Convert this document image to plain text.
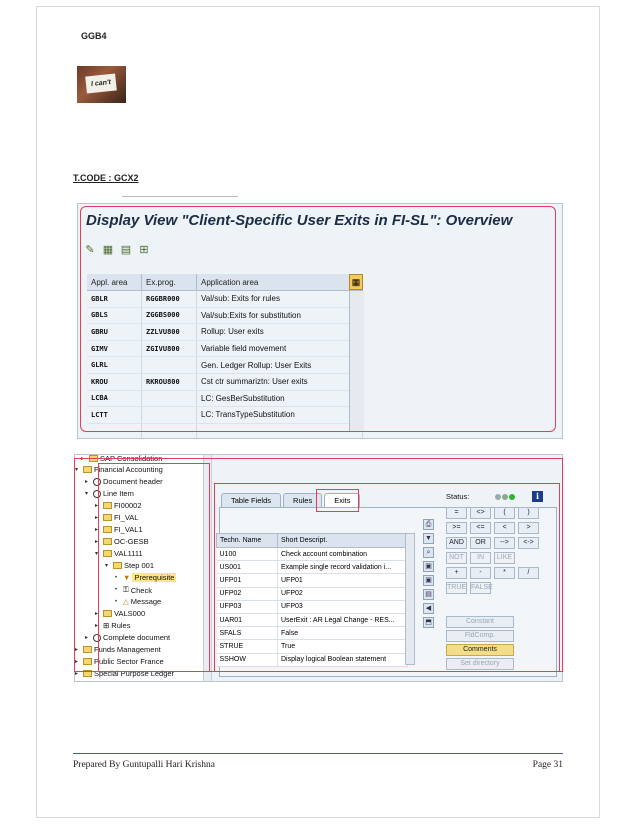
GGB4
I can't
T.CODE : GCX2
Display View "Client-Specific User Exits in FI-SL": Overview
✎ ▦ ▤ ⊞
Appl. area	Ex.prog.	Application area
GBLR	RGGBR000	Val/sub: Exits for rules
GBLS	ZGGBS000	Val/sub:Exits for substitution
GBRU	ZZLVU800	Rollup: User exits
GIMV	ZGIVU800	Variable field movement
GLRL		Gen. Ledger Rollup: User Exits
KROU	RKROU800	Cst ctr summariztn: User exits
LCBA		LC: GesBerSubstitution
LCTT		LC: TransTypeSubstitution

▦
▸	SAP Consolidation
▾	Financial Accounting
▸	Document header
▾	Line Item
▸	FI00002
▸	FI_VAL
▸	FI_VAL1
▸	OC-GESB
▾	VAL1111
▾	Step 001
• ▼ Prerequisite
• ⚿ Check
• △ Message
▸	VALS000
▸ ⊞ Rules
▸	Complete document
▸	Funds Management
▸	Public Sector France
▸	Special Purpose Ledger
Table Fields	Rules	Exits
Techn. Name	Short Descript.
U100	Check account combination
US001	Example single record validation i...
UFP01	UFP01
UFP02	UFP02
UFP03	UFP03
UAR01	UserExit : AR Legal Change - RES...
SFALS	False
STRUE	True
SSHOW	Display logical Boolean statement
⎙
▼
⌕
▣
▣
▤
◀
⬒
Status:	i
=	<>	(	)
>=	<=	<	>
AND	OR	-->	<->
NOT	IN	LIKE
+	-	*	/
TRUE FALSE
Constant
FldComp.
Comments
Set directory
Prepared By Guntupalli Hari Krishna	Page 31
